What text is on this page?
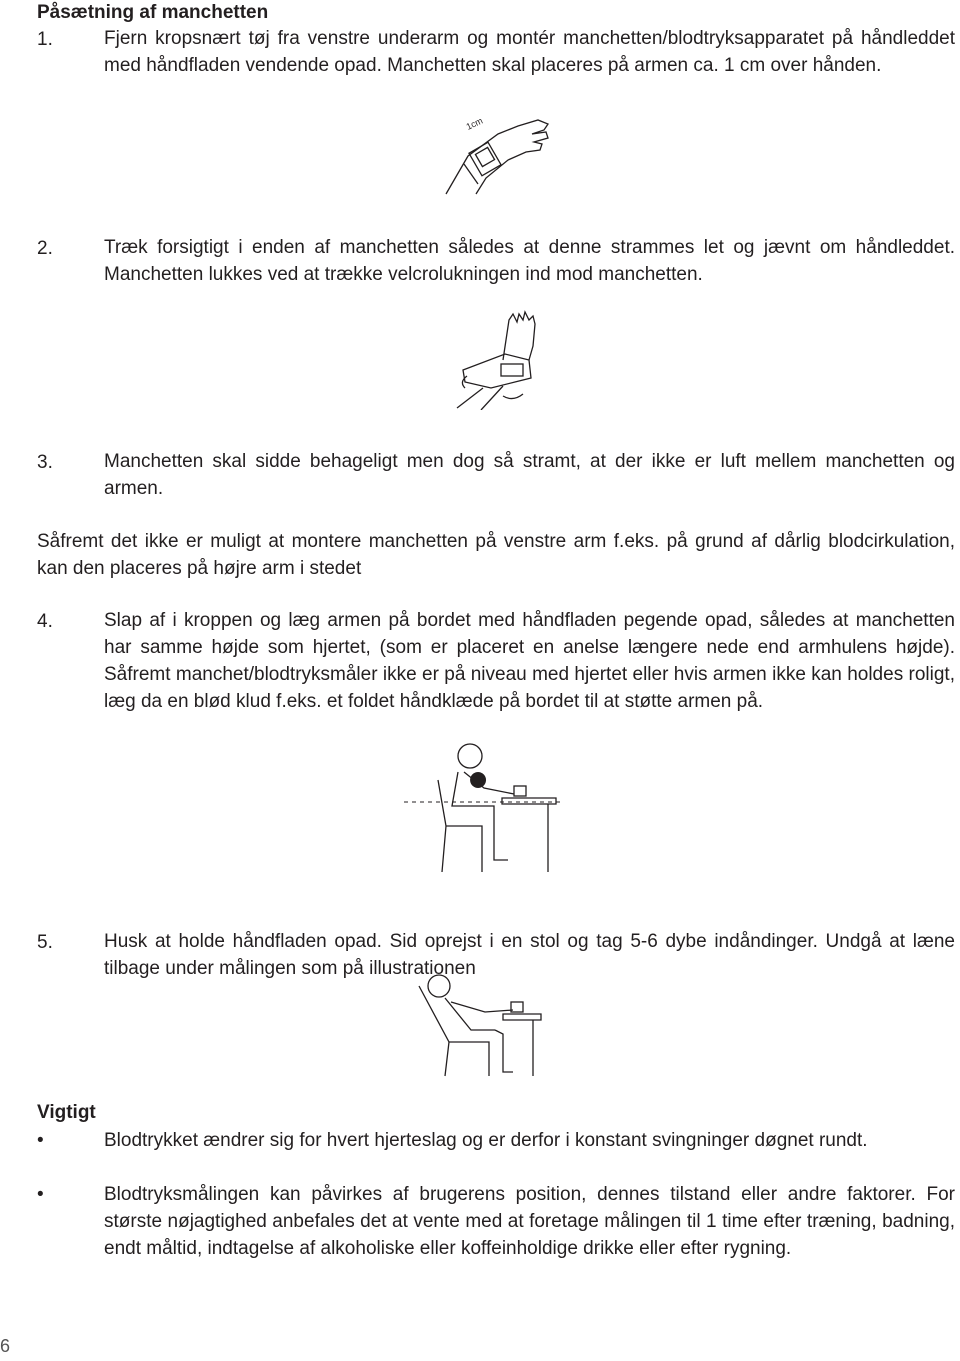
Påsætning af manchetten
1.	Fjern kropsnært tøj fra venstre underarm og montér manchetten/blodtryksapparatet på håndleddet med håndfladen vendende opad. Manchetten skal placeres på armen ca. 1 cm over hånden.
1cm
2.	Træk forsigtigt i enden af manchetten således at denne strammes let og jævnt om håndleddet. Manchetten lukkes ved at trække velcrolukningen ind mod manchetten.
3.	Manchetten skal sidde behageligt men dog så stramt, at der ikke er luft mellem manchetten og armen.
Såfremt det ikke er muligt at montere manchetten på venstre arm f.eks. på grund af dårlig blodcirkulation, kan den placeres på højre arm i stedet
4.	Slap af i kroppen og læg armen på bordet med håndfladen pegende opad, således at manchetten har samme højde som hjertet, (som er placeret en anelse længere nede end armhulens højde). Såfremt manchet/blodtryksmåler ikke er på niveau med hjertet eller hvis armen ikke kan holdes roligt, læg da en blød klud f.eks. et foldet håndklæde på bordet til at støtte armen på.
5.	Husk at holde håndfladen opad. Sid oprejst i en stol og tag 5-6 dybe indåndinger. Undgå at læne tilbage under målingen som på illustrationen
Vigtigt
•	Blodtrykket ændrer sig for hvert hjerteslag og er derfor i konstant svingninger døgnet rundt.
•	Blodtryksmålingen kan påvirkes af brugerens position, dennes tilstand eller andre faktorer. For største nøjagtighed anbefales det at vente med at foretage målingen til 1 time efter træning, badning, endt måltid, indtagelse af alkoholiske eller koffeinholdige drikke eller efter rygning.
6
